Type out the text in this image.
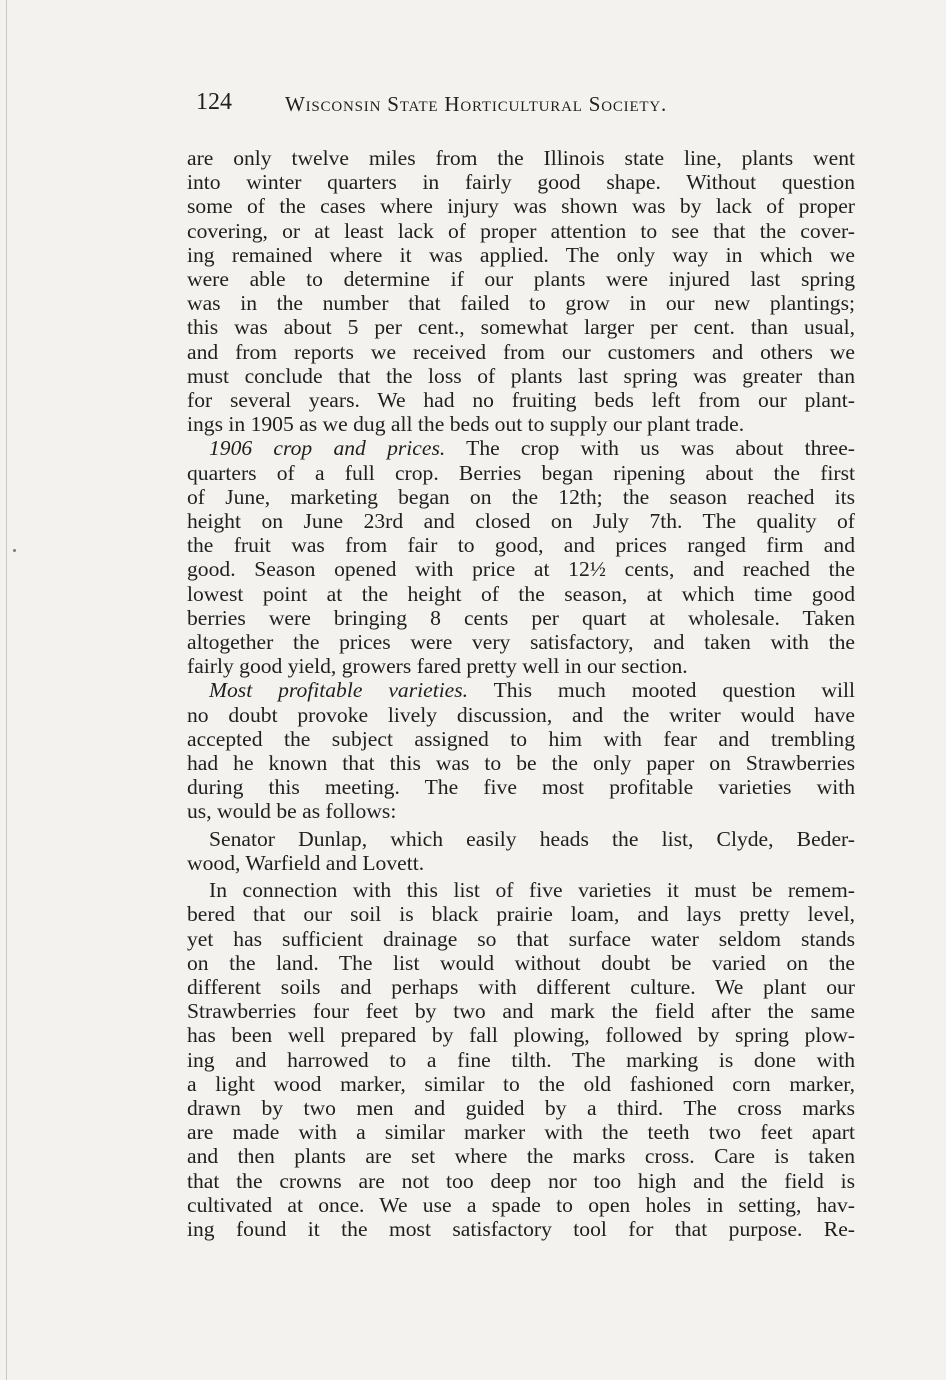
124	Wisconsin State Horticultural Society.
are only twelve miles from the Illinois state line, plants went
into winter quarters in fairly good shape. Without question
some of the cases where injury was shown was by lack of proper
covering, or at least lack of proper attention to see that the cover-
ing remained where it was applied. The only way in which we
were able to determine if our plants were injured last spring
was in the number that failed to grow in our new plantings;
this was about 5 per cent., somewhat larger per cent. than usual,
and from reports we received from our customers and others we
must conclude that the loss of plants last spring was greater than
for several years. We had no fruiting beds left from our plant-
ings in 1905 as we dug all the beds out to supply our plant trade.
1906 crop and prices. The crop with us was about three-
quarters of a full crop. Berries began ripening about the first
of June, marketing began on the 12th; the season reached its
height on June 23rd and closed on July 7th. The quality of
the fruit was from fair to good, and prices ranged firm and
good. Season opened with price at 12½ cents, and reached the
lowest point at the height of the season, at which time good
berries were bringing 8 cents per quart at wholesale. Taken
altogether the prices were very satisfactory, and taken with the
fairly good yield, growers fared pretty well in our section.
Most profitable varieties. This much mooted question will
no doubt provoke lively discussion, and the writer would have
accepted the subject assigned to him with fear and trembling
had he known that this was to be the only paper on Strawberries
during this meeting. The five most profitable varieties with
us, would be as follows:
Senator Dunlap, which easily heads the list, Clyde, Beder-
wood, Warfield and Lovett.
In connection with this list of five varieties it must be remem-
bered that our soil is black prairie loam, and lays pretty level,
yet has sufficient drainage so that surface water seldom stands
on the land. The list would without doubt be varied on the
different soils and perhaps with different culture. We plant our
Strawberries four feet by two and mark the field after the same
has been well prepared by fall plowing, followed by spring plow-
ing and harrowed to a fine tilth. The marking is done with
a light wood marker, similar to the old fashioned corn marker,
drawn by two men and guided by a third. The cross marks
are made with a similar marker with the teeth two feet apart
and then plants are set where the marks cross. Care is taken
that the crowns are not too deep nor too high and the field is
cultivated at once. We use a spade to open holes in setting, hav-
ing found it the most satisfactory tool for that purpose. Re-
